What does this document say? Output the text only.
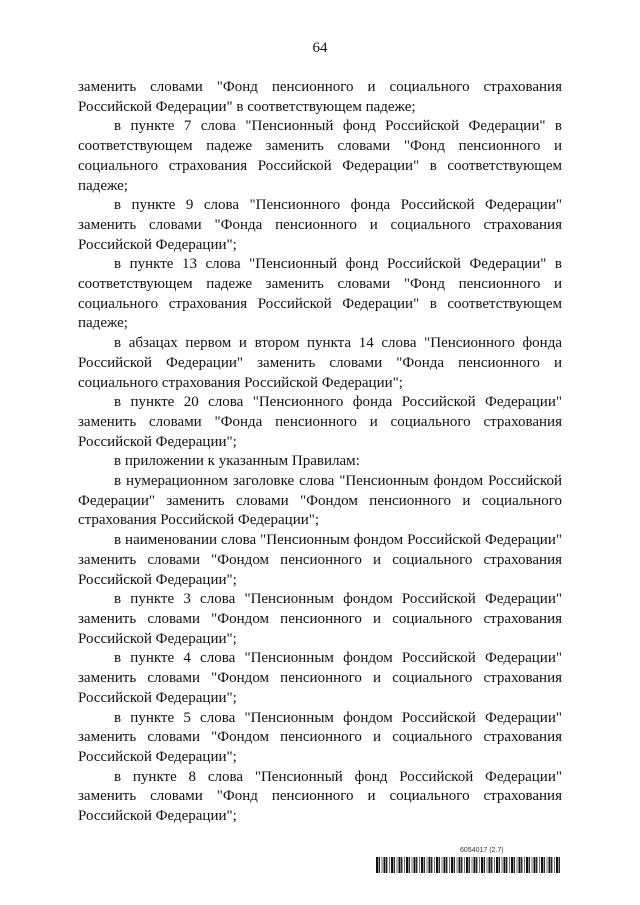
64

заменить словами "Фонд пенсионного и социального страхования Российской Федерации" в соответствующем падеже;

в пункте 7 слова "Пенсионный фонд Российской Федерации" в соответствующем падеже заменить словами "Фонд пенсионного и социального страхования Российской Федерации" в соответствующем падеже;

в пункте 9 слова "Пенсионного фонда Российской Федерации" заменить словами "Фонда пенсионного и социального страхования Российской Федерации";

в пункте 13 слова "Пенсионный фонд Российской Федерации" в соответствующем падеже заменить словами "Фонд пенсионного и социального страхования Российской Федерации" в соответствующем падеже;

в абзацах первом и втором пункта 14 слова "Пенсионного фонда Российской Федерации" заменить словами "Фонда пенсионного и социального страхования Российской Федерации";

в пункте 20 слова "Пенсионного фонда Российской Федерации" заменить словами "Фонда пенсионного и социального страхования Российской Федерации";

в приложении к указанным Правилам:

в нумерационном заголовке слова "Пенсионным фондом Российской Федерации" заменить словами "Фондом пенсионного и социального страхования Российской Федерации";

в наименовании слова "Пенсионным фондом Российской Федерации" заменить словами "Фондом пенсионного и социального страхования Российской Федерации";

в пункте 3 слова "Пенсионным фондом Российской Федерации" заменить словами "Фондом пенсионного и социального страхования Российской Федерации";

в пункте 4 слова "Пенсионным фондом Российской Федерации" заменить словами "Фондом пенсионного и социального страхования Российской Федерации";

в пункте 5 слова "Пенсионным фондом Российской Федерации" заменить словами "Фондом пенсионного и социального страхования Российской Федерации";

в пункте 8 слова "Пенсионный фонд Российской Федерации" заменить словами "Фонд пенсионного и социального страхования Российской Федерации";

6054017 (2.7)
